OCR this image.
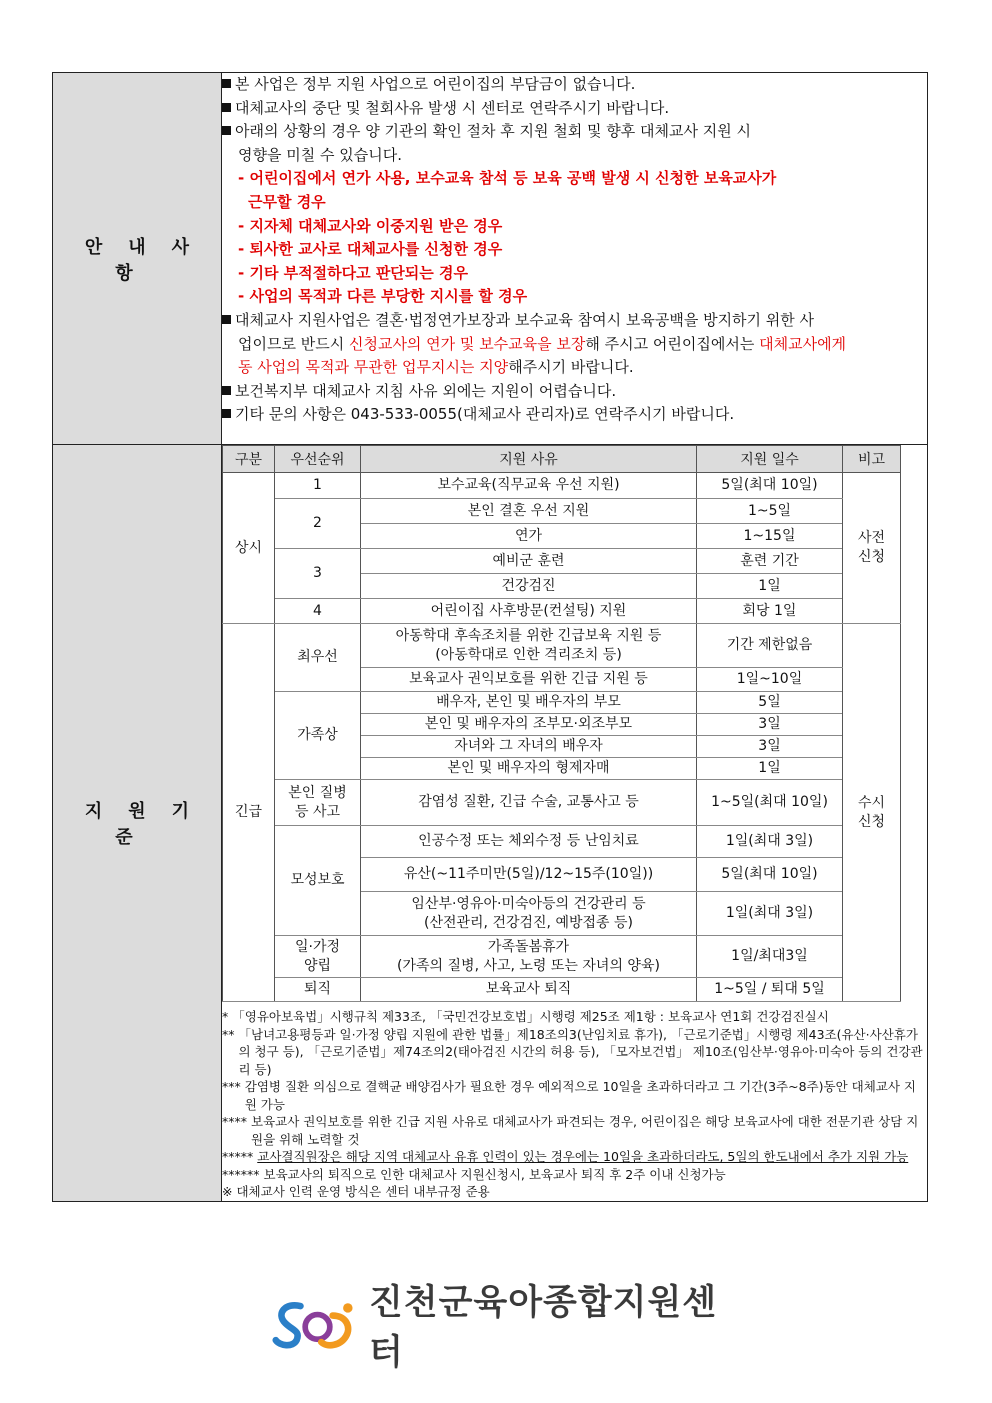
안내사항	
본 사업은 정부 지원 사업으로 어린이집의 부담금이 없습니다.
대체교사의 중단 및 철회사유 발생 시 센터로 연락주시기 바랍니다.
아래의 상황의 경우 양 기관의 확인 절차 후 지원 철회 및 향후 대체교사 지원 시
영향을 미칠 수 있습니다.
- 어린이집에서 연가 사용, 보수교육 참석 등 보육 공백 발생 시 신청한 보육교사가
근무할 경우
- 지자체 대체교사와 이중지원 받은 경우
- 퇴사한 교사로 대체교사를 신청한 경우
- 기타 부적절하다고 판단되는 경우
- 사업의 목적과 다른 부당한 지시를 할 경우
대체교사 지원사업은 결혼·법정연가보장과 보수교육 참여시 보육공백을 방지하기 위한 사
업이므로 반드시 신청교사의 연가 및 보수교육을 보장해 주시고 어린이집에서는 대체교사에게
동 사업의 목적과 무관한 업무지시는 지양해주시기 바랍니다.
보건복지부 대체교사 지침 사유 외에는 지원이 어렵습니다.
기타 문의 사항은 043-533-0055(대체교사 관리자)로 연락주시기 바랍니다.

지원기준	
구분	우선순위	지원 사유	지원 일수	비고
상시	1	보수교육(직무교육 우선 지원)	5일(최대 10일)	사전
신청
2	본인 결혼 우선 지원	1~5일
연가	1~15일
3	예비군 훈련	훈련 기간
건강검진	1일
4	어린이집 사후방문(컨설팅) 지원	회당 1일
긴급	최우선	아동학대 후속조치를 위한 긴급보육 지원 등
(아동학대로 인한 격리조치 등)	기간 제한없음	수시
신청
보육교사 권익보호를 위한 긴급 지원 등	1일~10일
가족상	배우자, 본인 및 배우자의 부모	5일
본인 및 배우자의 조부모·외조부모	3일
자녀와 그 자녀의 배우자	3일
본인 및 배우자의 형제자매	1일
본인 질병
등 사고	감염성 질환, 긴급 수술, 교통사고 등	1~5일(최대 10일)
모성보호	인공수정 또는 체외수정 등 난임치료	1일(최대 3일)
유산(~11주미만(5일)/12~15주(10일))	5일(최대 10일)
임산부·영유아·미숙아등의 건강관리 등
(산전관리, 건강검진, 예방접종 등)	1일(최대 3일)
일·가정
양립	가족돌봄휴가
(가족의 질병, 사고, 노령 또는 자녀의 양육)	1일/최대3일
퇴직	보육교사 퇴직	1~5일 / 퇴대 5일
* 「영유아보육법」시행규칙 제33조, 「국민건강보호법」시행령 제25조 제1항 : 보육교사 연1회 건강검진실시
** 「남녀고용평등과 일·가정 양립 지원에 관한 법률」제18조의3(난임치료 휴가), 「근로기준법」시행령 제43조(유산·사산휴가의 청구 등), 「근로기준법」제74조의2(태아검진 시간의 허용 등), 「모자보건법」 제10조(임산부·영유아·미숙아 등의 건강관리 등)
*** 감염병 질환 의심으로 결핵균 배양검사가 필요한 경우 예외적으로 10일을 초과하더라고 그 기간(3주~8주)동안 대체교사 지원 가능
**** 보육교사 권익보호를 위한 긴급 지원 사유로 대체교사가 파견되는 경우, 어린이집은 해당 보육교사에 대한 전문기관 상담 지원을 위해 노력할 것
***** 교사결직원장은 해당 지역 대체교사 유휴 인력이 있는 경우에는 10일을 초과하더라도, 5일의 한도내에서 추가 지원 가능
****** 보육교사의 퇴직으로 인한 대체교사 지원신청시, 보육교사 퇴직 후 2주 이내 신청가능
※ 대체교사 인력 운영 방식은 센터 내부규정 준용
진천군육아종합지원센터
